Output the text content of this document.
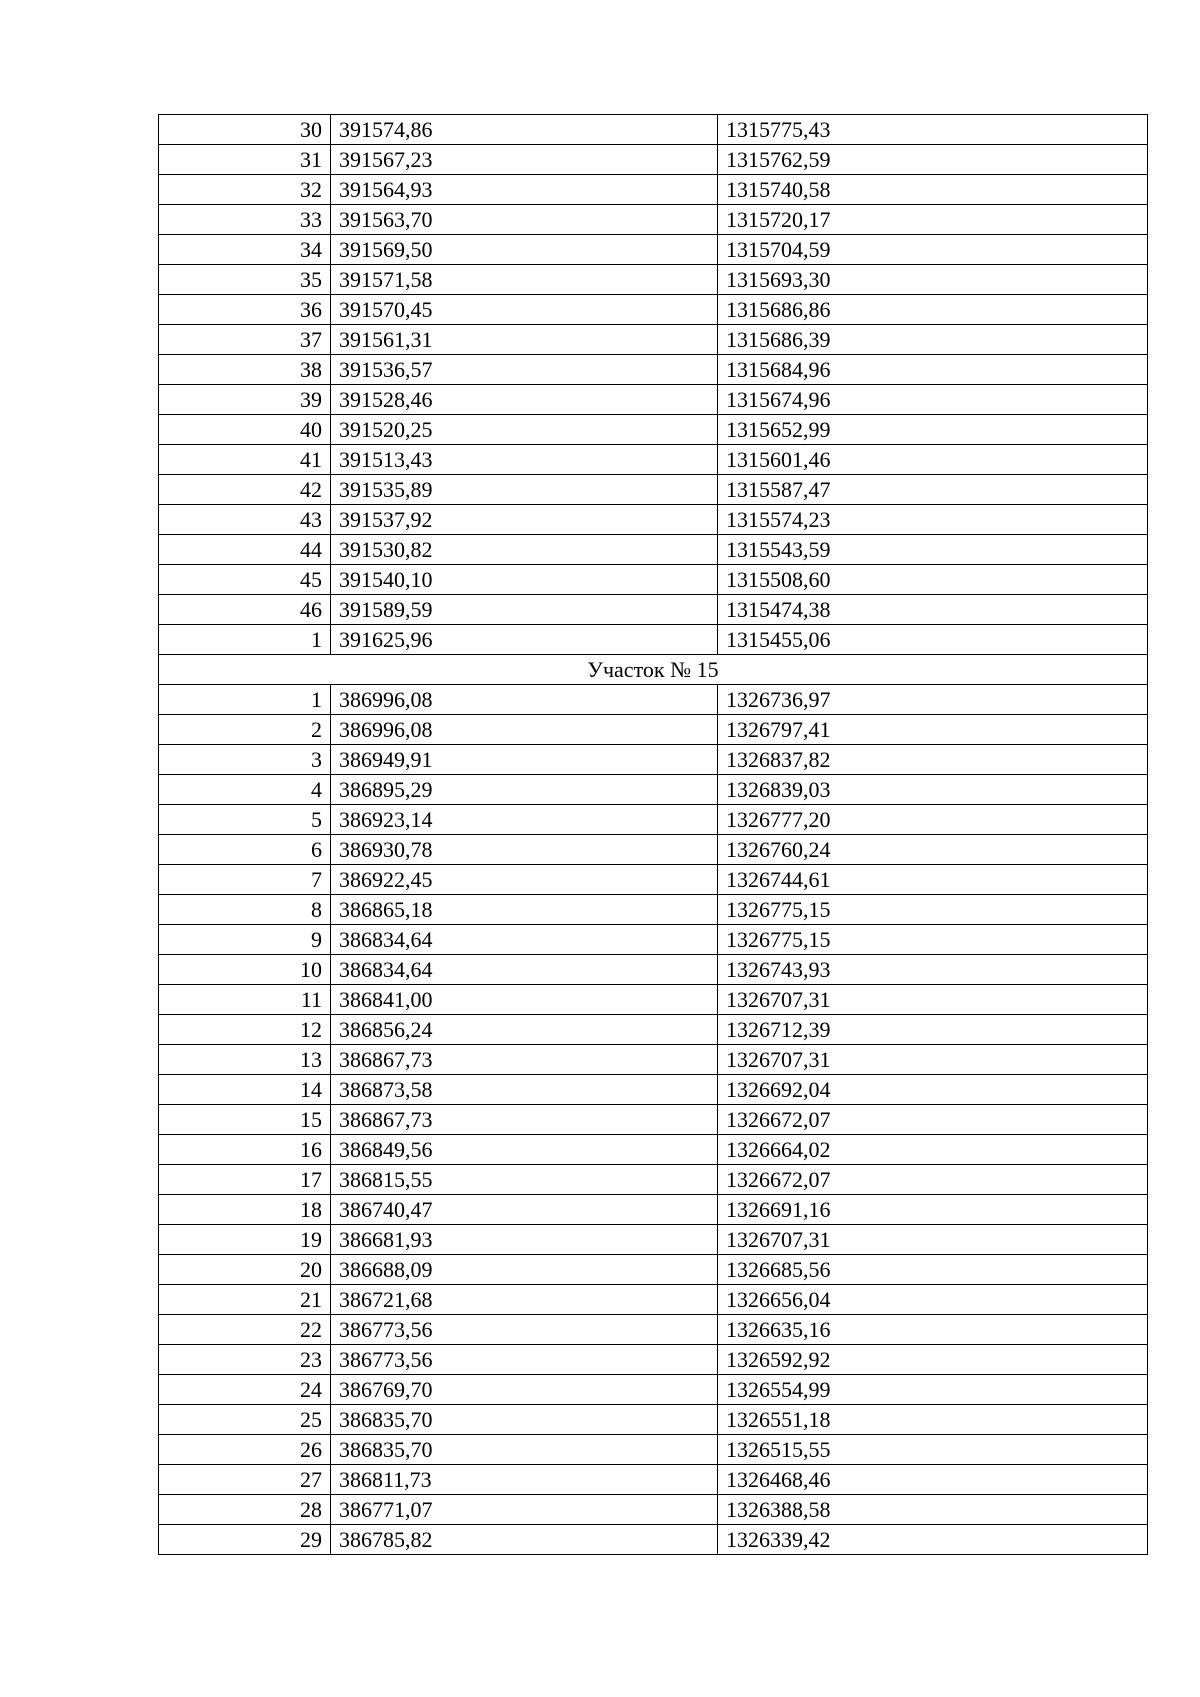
30	391574,86	1315775,43
31	391567,23	1315762,59
32	391564,93	1315740,58
33	391563,70	1315720,17
34	391569,50	1315704,59
35	391571,58	1315693,30
36	391570,45	1315686,86
37	391561,31	1315686,39
38	391536,57	1315684,96
39	391528,46	1315674,96
40	391520,25	1315652,99
41	391513,43	1315601,46
42	391535,89	1315587,47
43	391537,92	1315574,23
44	391530,82	1315543,59
45	391540,10	1315508,60
46	391589,59	1315474,38
1	391625,96	1315455,06
Участок № 15		
1	386996,08	1326736,97
2	386996,08	1326797,41
3	386949,91	1326837,82
4	386895,29	1326839,03
5	386923,14	1326777,20
6	386930,78	1326760,24
7	386922,45	1326744,61
8	386865,18	1326775,15
9	386834,64	1326775,15
10	386834,64	1326743,93
11	386841,00	1326707,31
12	386856,24	1326712,39
13	386867,73	1326707,31
14	386873,58	1326692,04
15	386867,73	1326672,07
16	386849,56	1326664,02
17	386815,55	1326672,07
18	386740,47	1326691,16
19	386681,93	1326707,31
20	386688,09	1326685,56
21	386721,68	1326656,04
22	386773,56	1326635,16
23	386773,56	1326592,92
24	386769,70	1326554,99
25	386835,70	1326551,18
26	386835,70	1326515,55
27	386811,73	1326468,46
28	386771,07	1326388,58
29	386785,82	1326339,42
